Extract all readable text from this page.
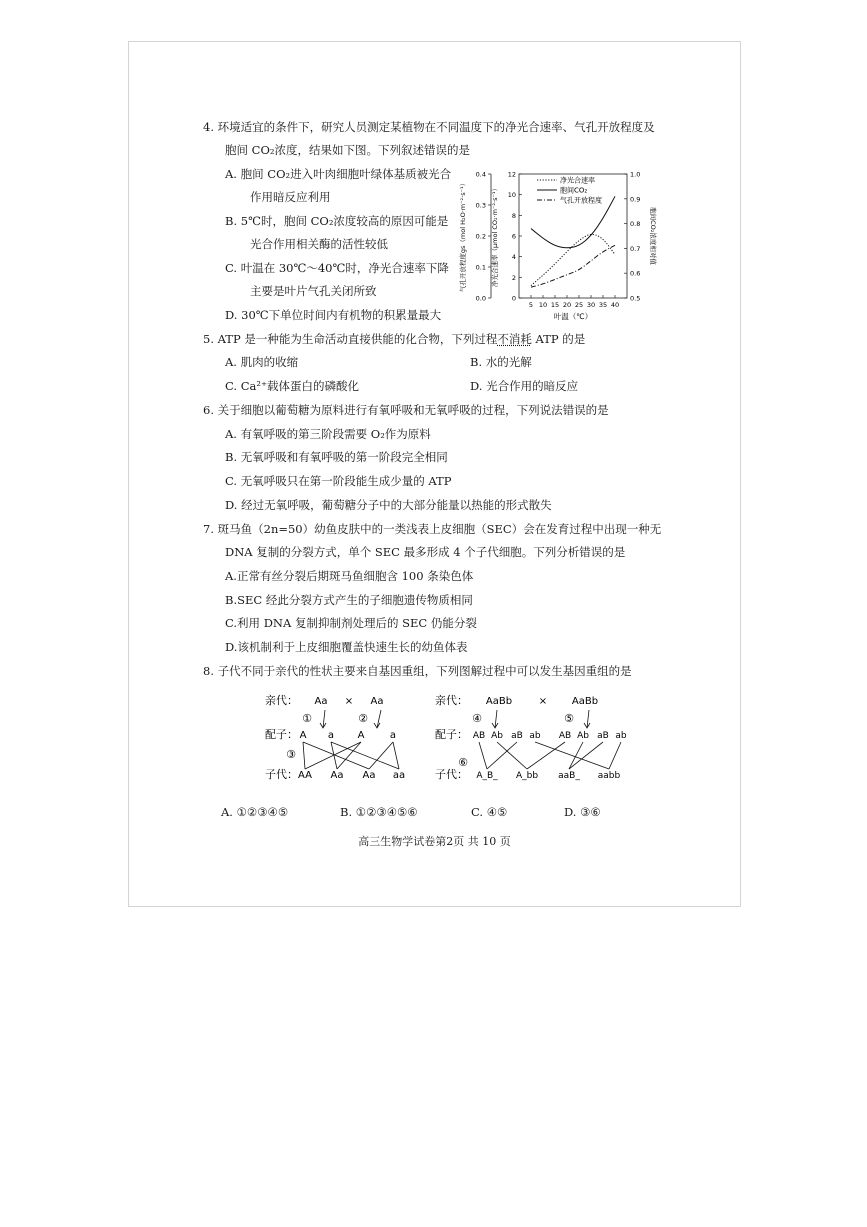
4. 环境适宜的条件下，研究人员测定某植物在不同温度下的净光合速率、气孔开放程度及
胞间 CO₂浓度，结果如下图。下列叙述错误的是
A. 胞间 CO₂进入叶肉细胞叶绿体基质被光合
作用暗反应利用
B. 5℃时，胞间 CO₂浓度较高的原因可能是
光合作用相关酶的活性较低
C. 叶温在 30℃～40℃时，净光合速率下降
主要是叶片气孔关闭所致
D. 30℃下单位时间内有机物的积累量最大
5. ATP 是一种能为生命活动直接供能的化合物，下列过程不消耗 ATP 的是
A. 肌肉的收缩	B. 水的光解
C. Ca²⁺载体蛋白的磷酸化	D. 光合作用的暗反应
6. 关于细胞以葡萄糖为原料进行有氧呼吸和无氧呼吸的过程，下列说法错误的是
A. 有氧呼吸的第三阶段需要 O₂作为原料
B. 无氧呼吸和有氧呼吸的第一阶段完全相同
C. 无氧呼吸只在第一阶段能生成少量的 ATP
D. 经过无氧呼吸，葡萄糖分子中的大部分能量以热能的形式散失
7. 斑马鱼（2n=50）幼鱼皮肤中的一类浅表上皮细胞（SEC）会在发育过程中出现一种无
DNA 复制的分裂方式，单个 SEC 最多形成 4 个子代细胞。下列分析错误的是
A.正常有丝分裂后期斑马鱼细胞含 100 条染色体
B.SEC 经此分裂方式产生的子细胞遗传物质相同
C.利用 DNA 复制抑制剂处理后的 SEC 仍能分裂
D.该机制利于上皮细胞覆盖快速生长的幼鱼体表
8. 子代不同于亲代的性状主要来自基因重组，下列图解过程中可以发生基因重组的是
A. ①②③④⑤	B. ①②③④⑤⑥	C. ④⑤	D. ③⑥
高三生物学试卷第2页 共 10 页
0.0
0.1
0.2
0.3
0.4
0
2
4
6
8
10
12
0.5
0.6
0.7
0.8
0.9
1.0
5 10 15 20 25 30 35 40
净光合速率
胞间CO₂
气孔开放程度
叶温（℃）
气孔开放程度gs（mol H₂O·m⁻²·s⁻¹）	净光合速率（μmol CO₂·m⁻²·s⁻¹）	胞间CO₂浓度相对值
亲代：
配子：
子代：
亲代：
配子：
子代：
Aa × Aa
①	②
A a A	a
③
AA Aa Aa aa
AaBb	× AaBb
④	⑤
AB Ab aB ab AB Ab aB ab
⑥
A_B_ A_bb aaB_ aabb
